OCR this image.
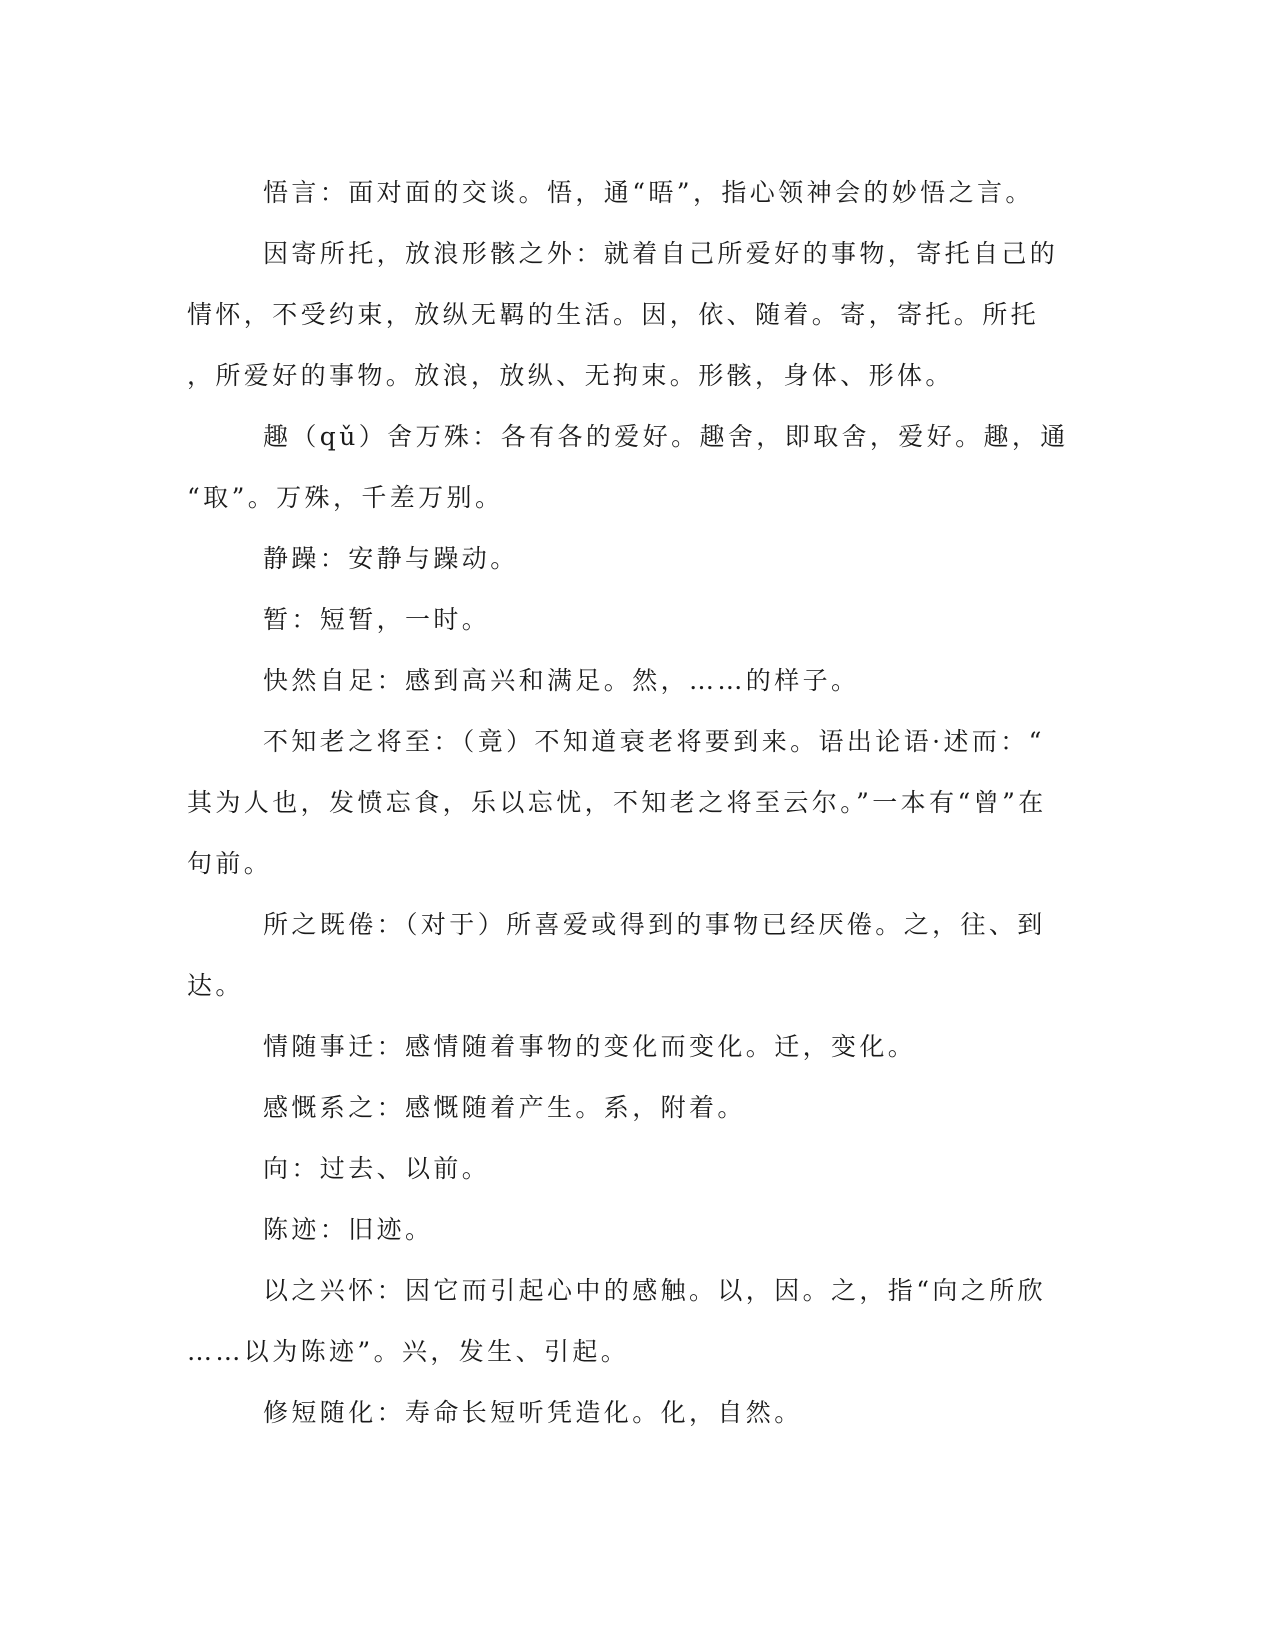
悟言：面对面的交谈。悟，通“晤”，指心领神会的妙悟之言。
因寄所托，放浪形骸之外：就着自己所爱好的事物，寄托自己的
情怀，不受约束，放纵无羁的生活。因，依、随着。寄，寄托。所托
，所爱好的事物。放浪，放纵、无拘束。形骸，身体、形体。
趣（qǔ）舍万殊：各有各的爱好。趣舍，即取舍，爱好。趣，通
“取”。万殊，千差万别。
静躁：安静与躁动。
暂：短暂，一时。
快然自足：感到高兴和满足。然，……的样子。
不知老之将至：（竟）不知道衰老将要到来。语出论语·述而：“
其为人也，发愤忘食，乐以忘忧，不知老之将至云尔。”一本有“曾”在
句前。
所之既倦：（对于）所喜爱或得到的事物已经厌倦。之，往、到
达。
情随事迁：感情随着事物的变化而变化。迁，变化。
感慨系之：感慨随着产生。系，附着。
向：过去、以前。
陈迹：旧迹。
以之兴怀：因它而引起心中的感触。以，因。之，指“向之所欣
……以为陈迹”。兴，发生、引起。
修短随化：寿命长短听凭造化。化，自然。
